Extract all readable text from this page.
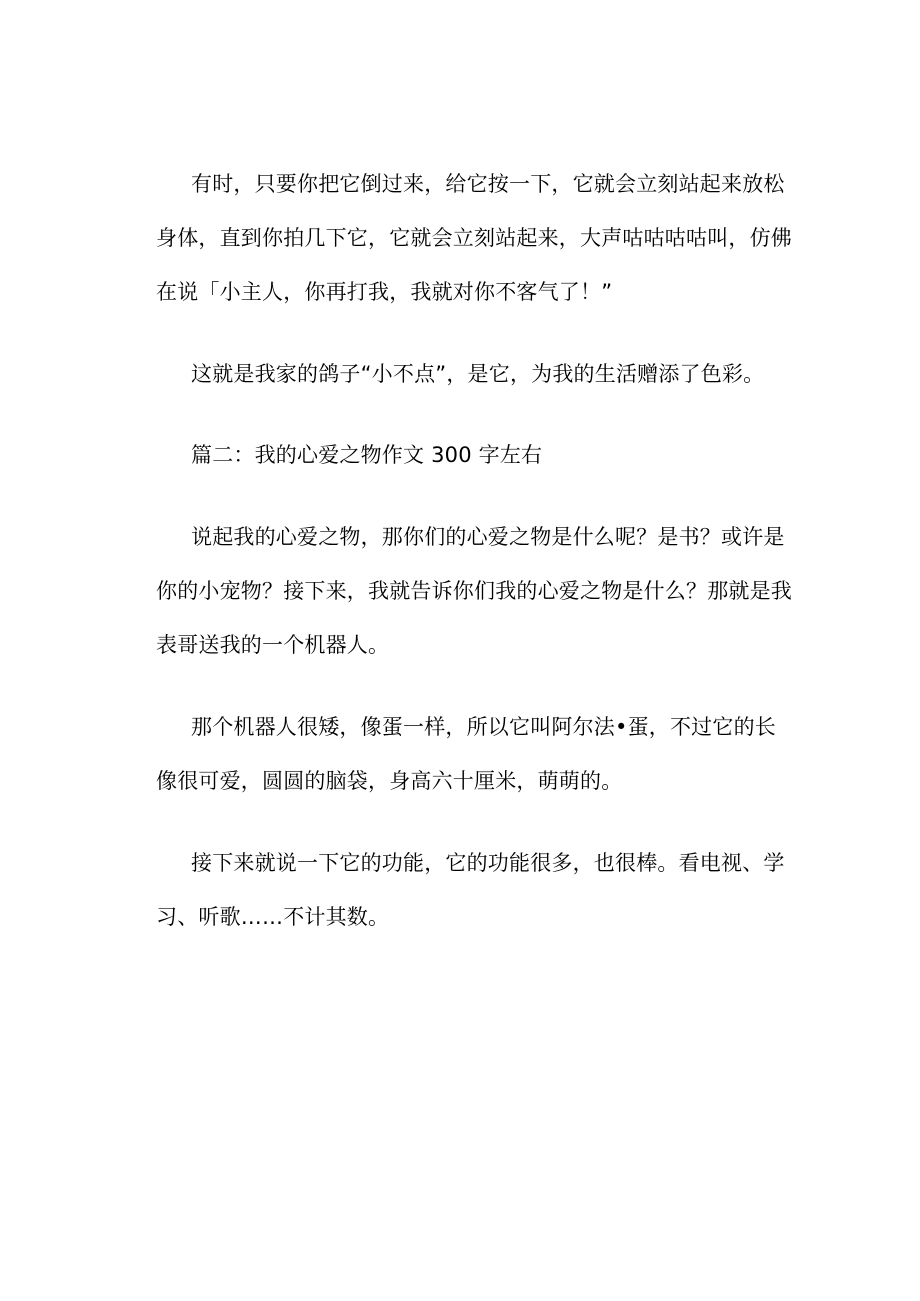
有时，只要你把它倒过来，给它按一下，它就会立刻站起来放松
身体，直到你拍几下它，它就会立刻站起来，大声咕咕咕咕叫，仿佛
在说「小主人，你再打我，我就对你不客气了！”
这就是我家的鸽子“小不点”，是它，为我的生活赠添了色彩。
篇二：我的心爱之物作文 300 字左右
说起我的心爱之物，那你们的心爱之物是什么呢？是书？或许是
你的小宠物？接下来，我就告诉你们我的心爱之物是什么？那就是我
表哥送我的一个机器人。
那个机器人很矮，像蛋一样，所以它叫阿尔法•蛋，不过它的长
像很可爱，圆圆的脑袋，身高六十厘米，萌萌的。
接下来就说一下它的功能，它的功能很多，也很棒。看电视、学
习、听歌……不计其数。
